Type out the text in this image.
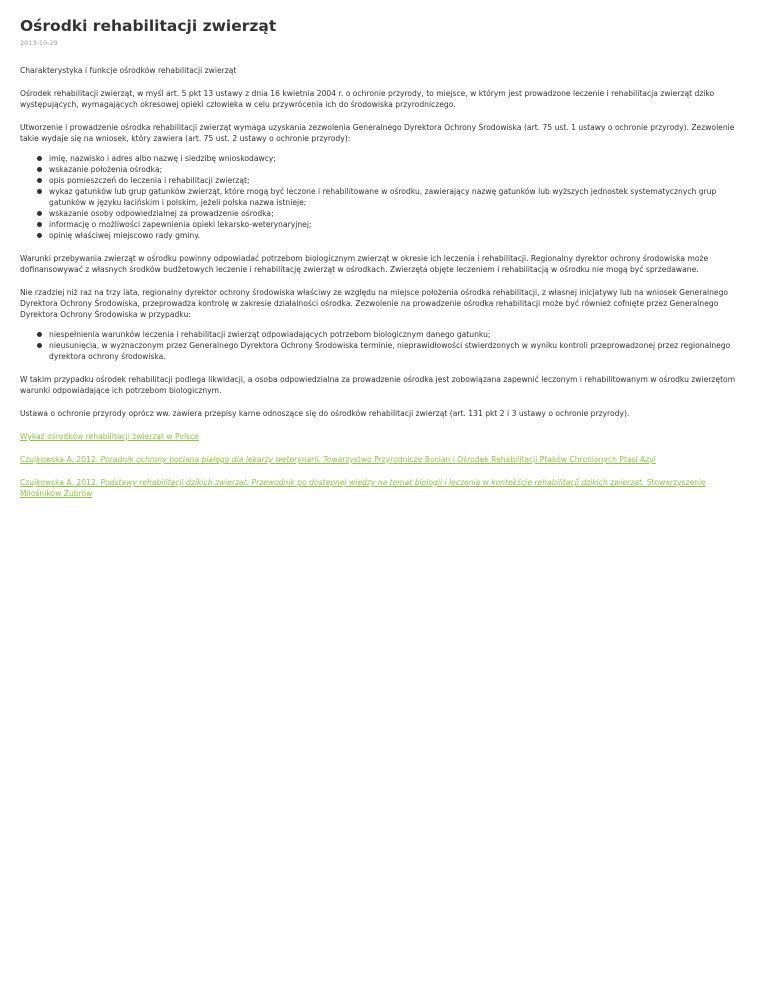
Ośrodki rehabilitacji zwierząt
2013-10-29

Charakterystyka i funkcje ośrodków rehabilitacji zwierząt

Ośrodek rehabilitacji zwierząt, w myśl art. 5 pkt 13 ustawy z dnia 16 kwietnia 2004 r. o ochronie przyrody, to miejsce, w którym jest prowadzone leczenie i rehabilitacja zwierząt dziko występujących, wymagających okresowej opieki człowieka w celu przywrócenia ich do środowiska przyrodniczego.

Utworzenie i prowadzenie ośrodka rehabilitacji zwierząt wymaga uzyskania zezwolenia Generalnego Dyrektora Ochrony Środowiska (art. 75 ust. 1 ustawy o ochronie przyrody). Zezwolenie takie wydaje się na wniosek, który zawiera (art. 75 ust. 2 ustawy o ochronie przyrody):

imię, nazwisko i adres albo nazwę i siedzibę wnioskodawcy;
wskazanie położenia ośrodka;
opis pomieszczeń do leczenia i rehabilitacji zwierząt;
wykaz gatunków lub grup gatunków zwierząt, które mogą być leczone i rehabilitowane w ośrodku, zawierający nazwę gatunków lub wyższych jednostek systematycznych grup gatunków w języku łacińskim i polskim, jeżeli polska nazwa istnieje;
wskazanie osoby odpowiedzialnej za prowadzenie ośrodka;
informację o możliwości zapewnienia opieki lekarsko-weterynaryjnej;
opinię właściwej miejscowo rady gminy.

Warunki przebywania zwierząt w ośrodku powinny odpowiadać potrzebom biologicznym zwierząt w okresie ich leczenia i rehabilitacji. Regionalny dyrektor ochrony środowiska może dofinansowywać z własnych środków budżetowych leczenie i rehabilitację zwierząt w ośrodkach. Zwierzęta objęte leczeniem i rehabilitacją w ośrodku nie mogą być sprzedawane.

Nie rzadziej niż raz na trzy lata, regionalny dyrektor ochrony środowiska właściwy ze względu na miejsce położenia ośrodka rehabilitacji, z własnej inicjatywy lub na wniosek Generalnego Dyrektora Ochrony Środowiska, przeprowadza kontrolę w zakresie działalności ośrodka. Zezwolenie na prowadzenie ośrodka rehabilitacji może być również cofnięte przez Generalnego Dyrektora Ochrony Środowiska w przypadku:

niespełnienia warunków leczenia i rehabilitacji zwierząt odpowiadających potrzebom biologicznym danego gatunku;
nieusunięcia, w wyznaczonym przez Generalnego Dyrektora Ochrony Środowiska terminie, nieprawidłowości stwierdzonych w wyniku kontroli przeprowadzonej przez regionalnego dyrektora ochrony środowiska.

W takim przypadku ośrodek rehabilitacji podlega likwidacji, a osoba odpowiedzialna za prowadzenie ośrodka jest zobowiązana zapewnić leczonym i rehabilitowanym w ośrodku zwierzętom warunki odpowiadające ich potrzebom biologicznym.

Ustawa o ochronie przyrody oprócz ww. zawiera przepisy karne odnoszące się do ośrodków rehabilitacji zwierząt (art. 131 pkt 2 i 3 ustawy o ochronie przyrody).

Wykaz ośrodków rehabilitacji zwierząt w Polsce

Czujkowska A. 2012. Poradnik ochrony bociana białego dla lekarzy weterynarii. Towarzystwo Przyrodnicze Bocian i Ośrodek Rehabilitacji Ptaków Chronionych Ptasi Azyl

Czujkowska A. 2012. Podstawy rehabilitacji dzikich zwierząt. Przewodnik po dostępnej wiedzy na temat biologii i leczenia w kontekście rehabilitacji dzikich zwierząt. Stowarzyszenie Miłośników Żubrów
